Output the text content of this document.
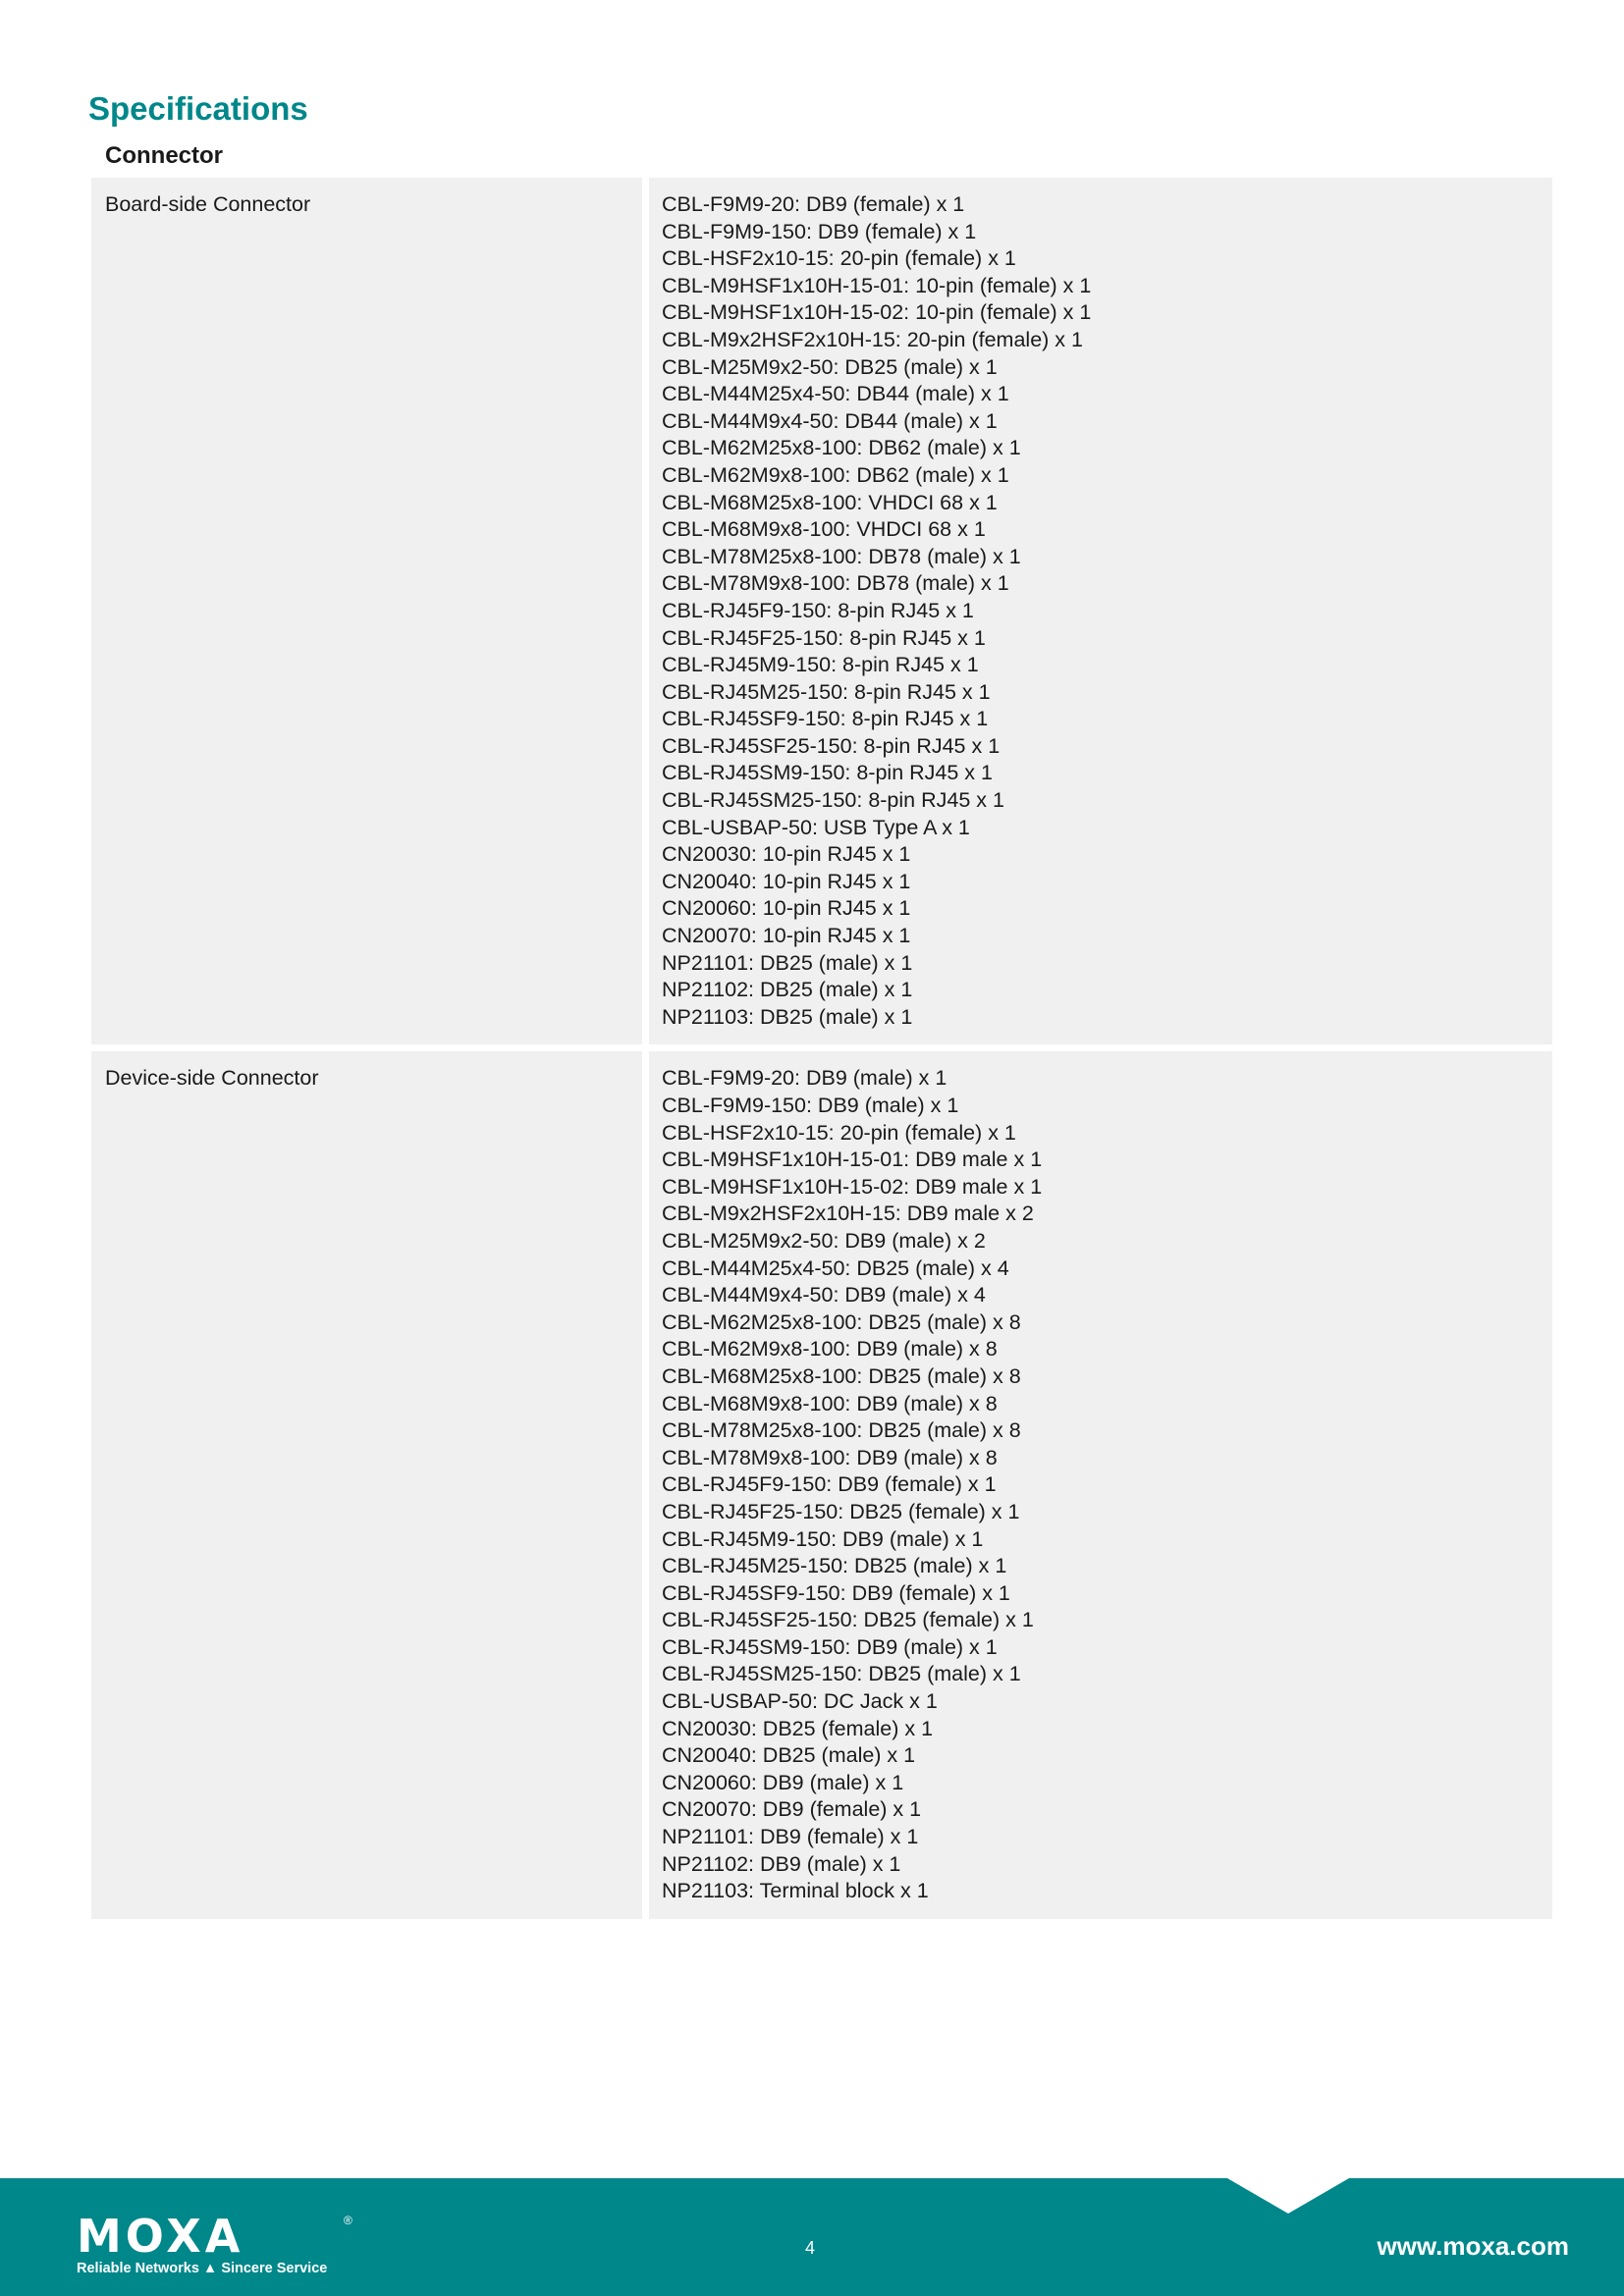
Specifications
Connector
Board-side Connector	CBL-F9M9-20: DB9 (female) x 1
CBL-F9M9-150: DB9 (female) x 1
CBL-HSF2x10-15: 20-pin (female) x 1
CBL-M9HSF1x10H-15-01: 10-pin (female) x 1
CBL-M9HSF1x10H-15-02: 10-pin (female) x 1
CBL-M9x2HSF2x10H-15: 20-pin (female) x 1
CBL-M25M9x2-50: DB25 (male) x 1
CBL-M44M25x4-50: DB44 (male) x 1
CBL-M44M9x4-50: DB44 (male) x 1
CBL-M62M25x8-100: DB62 (male) x 1
CBL-M62M9x8-100: DB62 (male) x 1
CBL-M68M25x8-100: VHDCI 68 x 1
CBL-M68M9x8-100: VHDCI 68 x 1
CBL-M78M25x8-100: DB78 (male) x 1
CBL-M78M9x8-100: DB78 (male) x 1
CBL-RJ45F9-150: 8-pin RJ45 x 1
CBL-RJ45F25-150: 8-pin RJ45 x 1
CBL-RJ45M9-150: 8-pin RJ45 x 1
CBL-RJ45M25-150: 8-pin RJ45 x 1
CBL-RJ45SF9-150: 8-pin RJ45 x 1
CBL-RJ45SF25-150: 8-pin RJ45 x 1
CBL-RJ45SM9-150: 8-pin RJ45 x 1
CBL-RJ45SM25-150: 8-pin RJ45 x 1
CBL-USBAP-50: USB Type A x 1
CN20030: 10-pin RJ45 x 1
CN20040: 10-pin RJ45 x 1
CN20060: 10-pin RJ45 x 1
CN20070: 10-pin RJ45 x 1
NP21101: DB25 (male) x 1
NP21102: DB25 (male) x 1
NP21103: DB25 (male) x 1
Device-side Connector	CBL-F9M9-20: DB9 (male) x 1
CBL-F9M9-150: DB9 (male) x 1
CBL-HSF2x10-15: 20-pin (female) x 1
CBL-M9HSF1x10H-15-01: DB9 male x 1
CBL-M9HSF1x10H-15-02: DB9 male x 1
CBL-M9x2HSF2x10H-15: DB9 male x 2
CBL-M25M9x2-50: DB9 (male) x 2
CBL-M44M25x4-50: DB25 (male) x 4
CBL-M44M9x4-50: DB9 (male) x 4
CBL-M62M25x8-100: DB25 (male) x 8
CBL-M62M9x8-100: DB9 (male) x 8
CBL-M68M25x8-100: DB25 (male) x 8
CBL-M68M9x8-100: DB9 (male) x 8
CBL-M78M25x8-100: DB25 (male) x 8
CBL-M78M9x8-100: DB9 (male) x 8
CBL-RJ45F9-150: DB9 (female) x 1
CBL-RJ45F25-150: DB25 (female) x 1
CBL-RJ45M9-150: DB9 (male) x 1
CBL-RJ45M25-150: DB25 (male) x 1
CBL-RJ45SF9-150: DB9 (female) x 1
CBL-RJ45SF25-150: DB25 (female) x 1
CBL-RJ45SM9-150: DB9 (male) x 1
CBL-RJ45SM25-150: DB25 (male) x 1
CBL-USBAP-50: DC Jack x 1
CN20030: DB25 (female) x 1
CN20040: DB25 (male) x 1
CN20060: DB9 (male) x 1
CN20070: DB9 (female) x 1
NP21101: DB9 (female) x 1
NP21102: DB9 (male) x 1
NP21103: Terminal block x 1
MOXA	®
Reliable Networks ▲ Sincere Service
4	www.moxa.com
